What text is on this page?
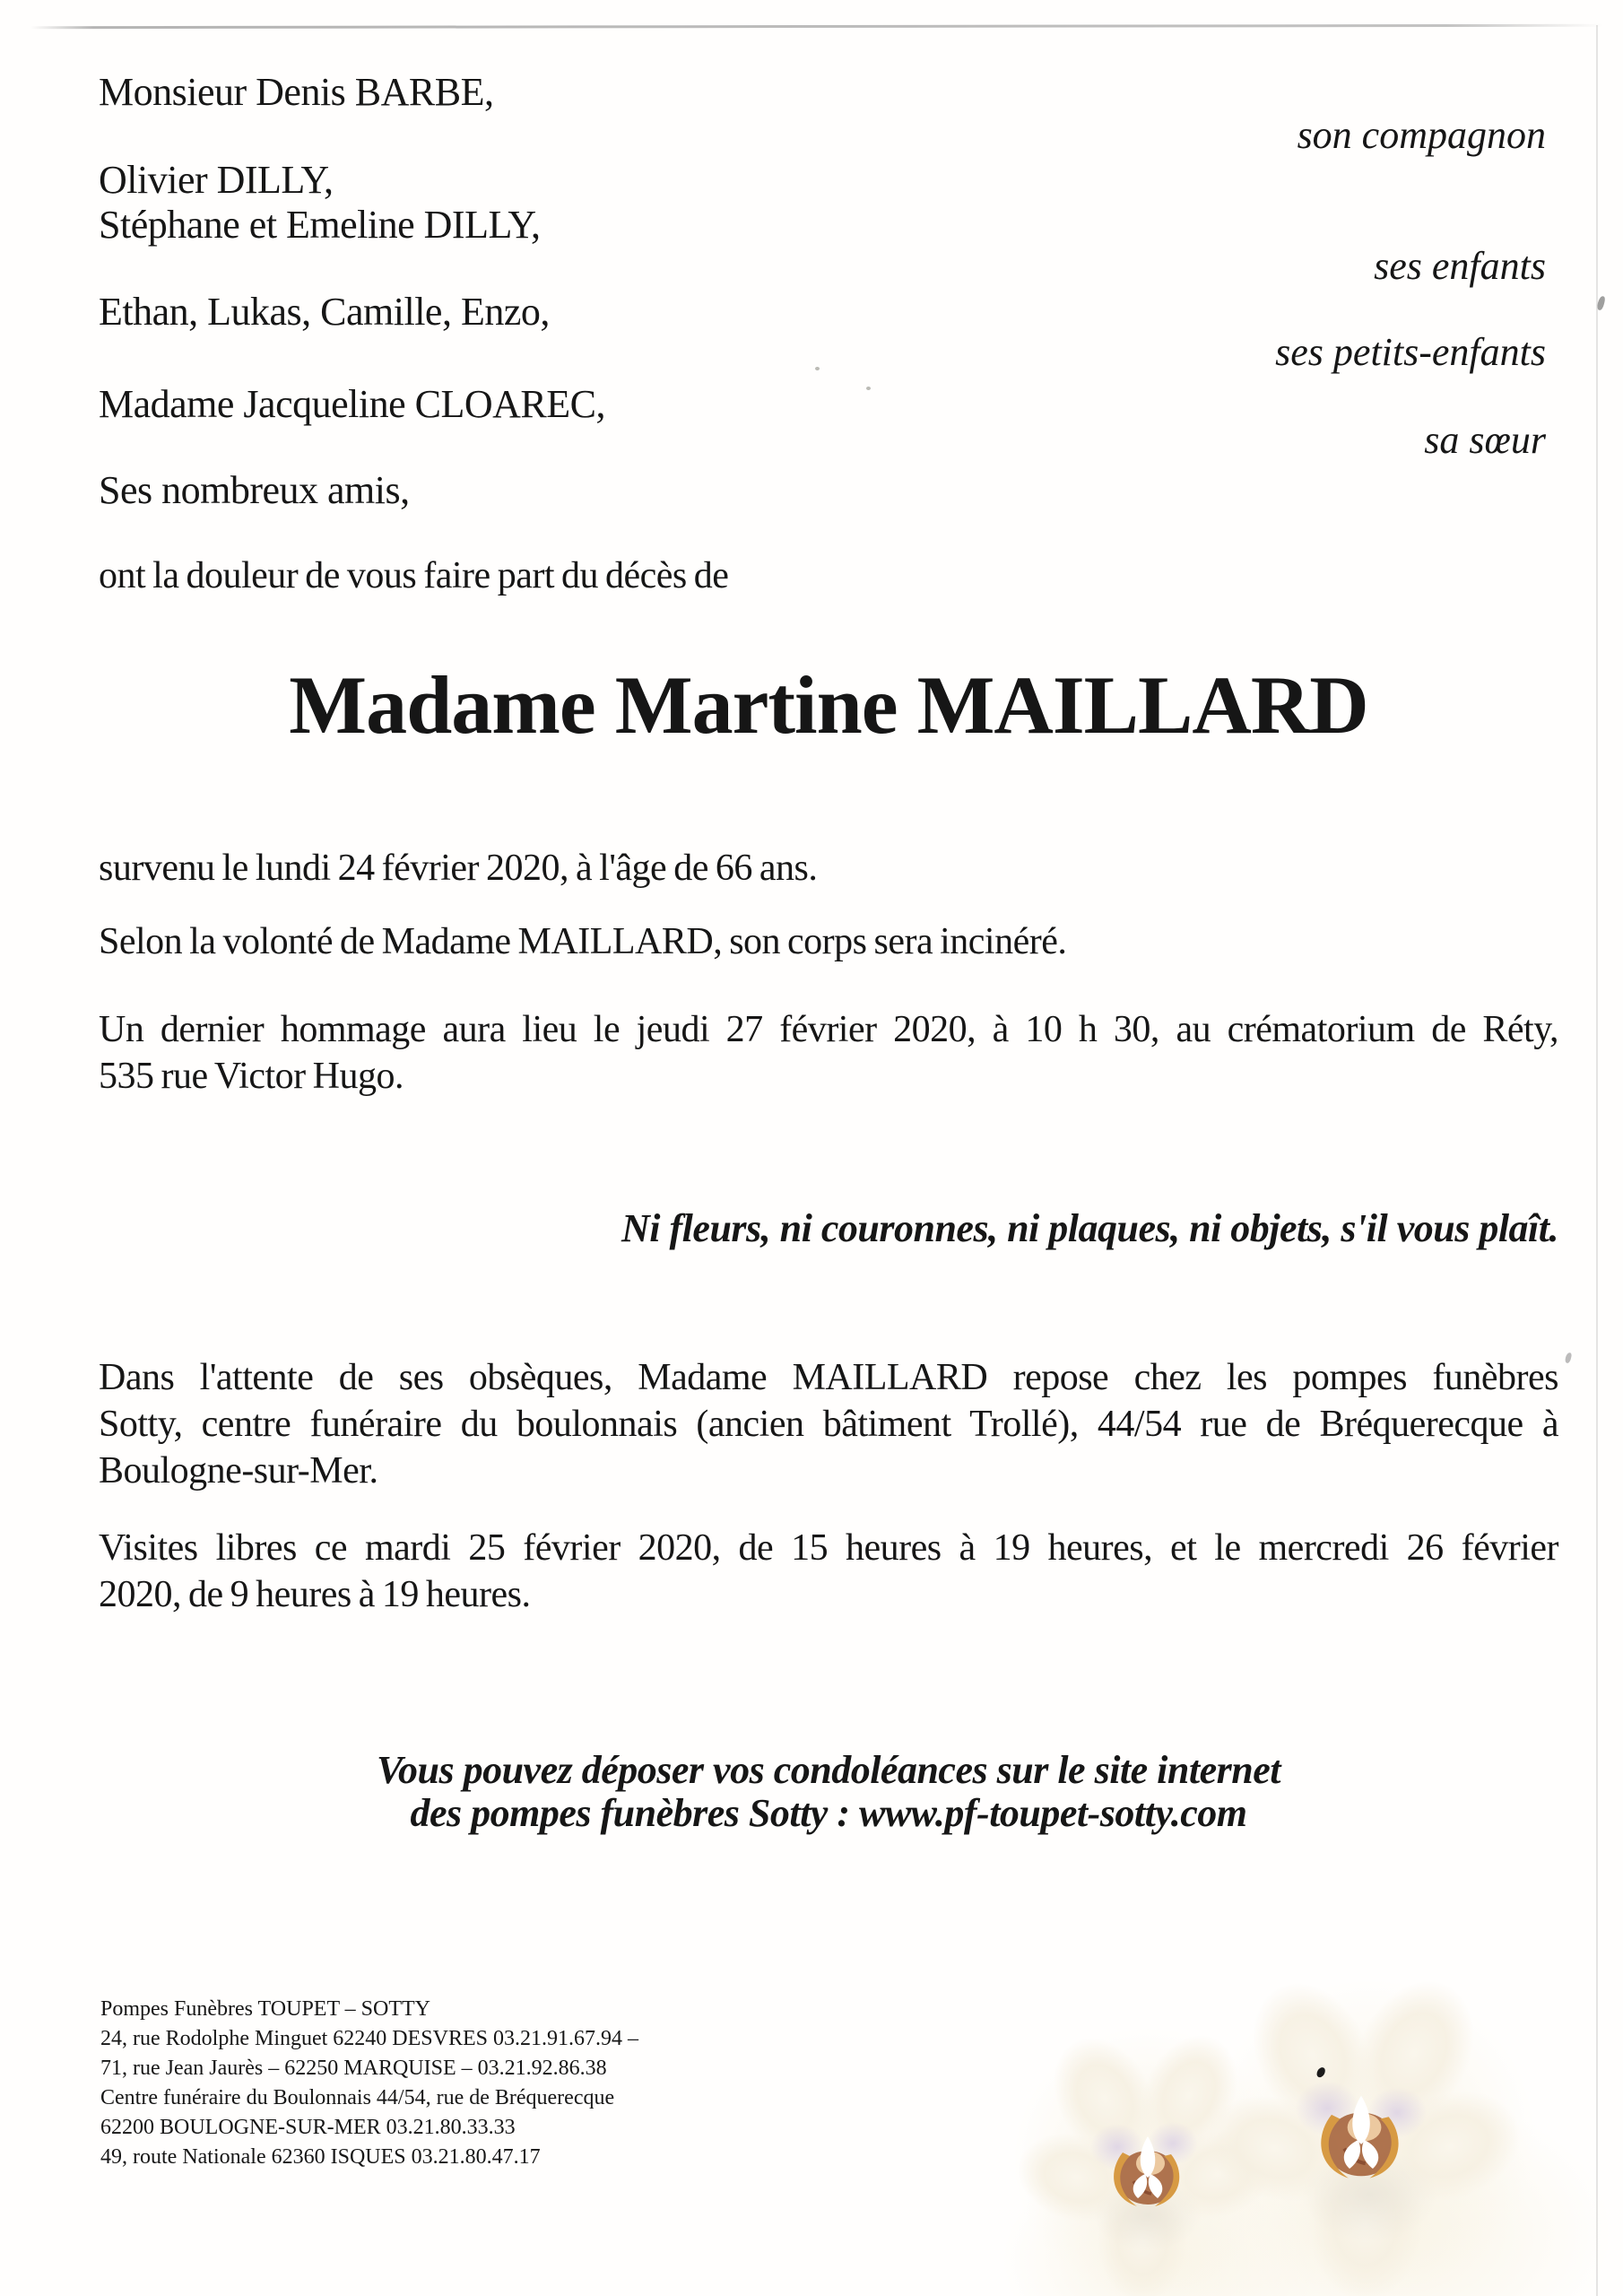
Monsieur Denis BARBE,
son compagnon
Olivier DILLY,
Stéphane et Emeline DILLY,
ses enfants
Ethan, Lukas, Camille, Enzo,
ses petits-enfants
Madame Jacqueline CLOAREC,
sa sœur
Ses nombreux amis,
ont la douleur de vous faire part du décès de
Madame Martine MAILLARD
survenu le lundi 24 février 2020, à l'âge de 66 ans.
Selon la volonté de Madame MAILLARD, son corps sera incinéré.
Un dernier hommage aura lieu le jeudi 27 février 2020, à 10 h 30, au crématorium de Réty,
535 rue Victor Hugo.
Ni fleurs, ni couronnes, ni plaques, ni objets, s'il vous plaît.
Dans l'attente de ses obsèques, Madame MAILLARD repose chez les pompes funèbres
Sotty, centre funéraire du boulonnais (ancien bâtiment Trollé), 44/54 rue de Bréquerecque à
Boulogne-sur-Mer.
Visites libres ce mardi 25 février 2020, de 15 heures à 19 heures, et le mercredi 26 février
2020, de 9 heures à 19 heures.
Vous pouvez déposer vos condoléances sur le site internet
des pompes funèbres Sotty : www.pf-toupet-sotty.com
Pompes Funèbres TOUPET – SOTTY
24, rue Rodolphe Minguet 62240 DESVRES 03.21.91.67.94 –
71, rue Jean Jaurès – 62250 MARQUISE – 03.21.92.86.38
Centre funéraire du Boulonnais 44/54, rue de Bréquerecque
62200 BOULOGNE-SUR-MER 03.21.80.33.33
49, route Nationale 62360 ISQUES 03.21.80.47.17
